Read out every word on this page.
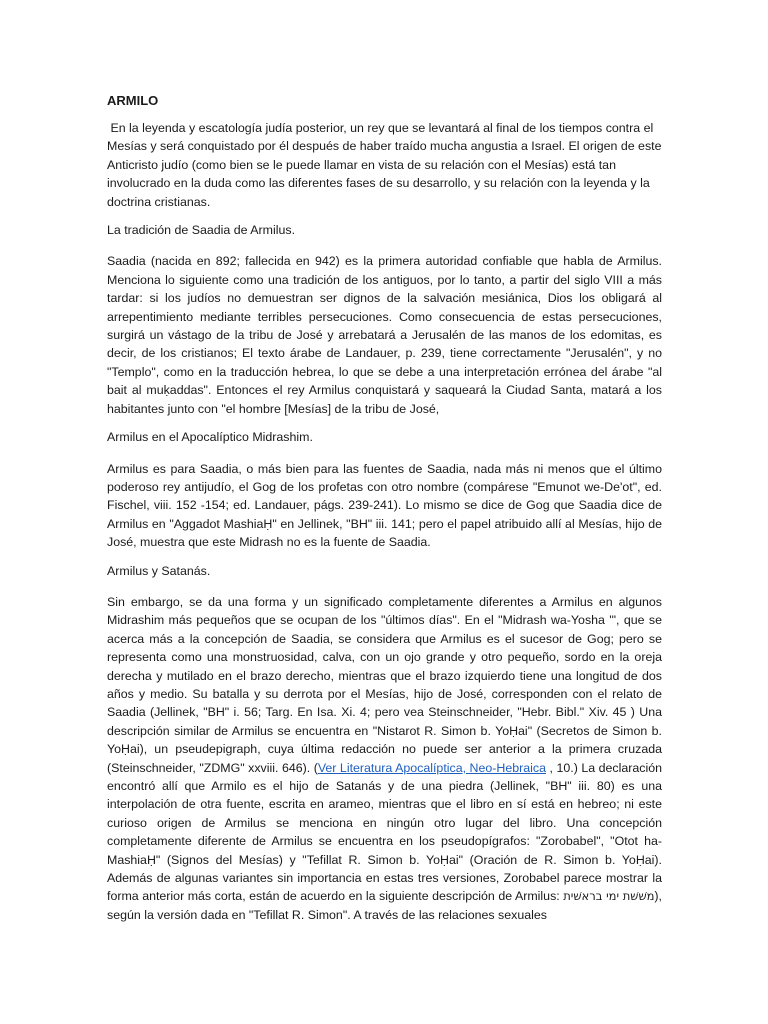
ARMILO

En la leyenda y escatología judía posterior, un rey que se levantará al final de los tiempos contra el Mesías y será conquistado por él después de haber traído mucha angustia a Israel. El origen de este Anticristo judío (como bien se le puede llamar en vista de su relación con el Mesías) está tan involucrado en la duda como las diferentes fases de su desarrollo, y su relación con la leyenda y la doctrina cristianas.

La tradición de Saadia de Armilus.

Saadia (nacida en 892; fallecida en 942) es la primera autoridad confiable que habla de Armilus. Menciona lo siguiente como una tradición de los antiguos, por lo tanto, a partir del siglo VIII a más tardar: si los judíos no demuestran ser dignos de la salvación mesiánica, Dios los obligará al arrepentimiento mediante terribles persecuciones. Como consecuencia de estas persecuciones, surgirá un vástago de la tribu de José y arrebatará a Jerusalén de las manos de los edomitas, es decir, de los cristianos; El texto árabe de Landauer, p. 239, tiene correctamente "Jerusalén", y no "Templo", como en la traducción hebrea, lo que se debe a una interpretación errónea del árabe "al bait al muḳaddas". Entonces el rey Armilus conquistará y saqueará la Ciudad Santa, matará a los habitantes junto con "el hombre [Mesías] de la tribu de José,

Armilus en el Apocalíptico Midrashim.

Armilus es para Saadia, o más bien para las fuentes de Saadia, nada más ni menos que el último poderoso rey antijudío, el Gog de los profetas con otro nombre (compárese "Emunot we-De'ot", ed. Fischel, viii. 152 -154; ed. Landauer, págs. 239-241). Lo mismo se dice de Gog que Saadia dice de Armilus en "Aggadot MashiaḤ" en Jellinek, "BH" iii. 141; pero el papel atribuido allí al Mesías, hijo de José, muestra que este Midrash no es la fuente de Saadia.

Armilus y Satanás.

Sin embargo, se da una forma y un significado completamente diferentes a Armilus en algunos Midrashim más pequeños que se ocupan de los "últimos días". En el "Midrash wa-Yosha '", que se acerca más a la concepción de Saadia, se considera que Armilus es el sucesor de Gog; pero se representa como una monstruosidad, calva, con un ojo grande y otro pequeño, sordo en la oreja derecha y mutilado en el brazo derecho, mientras que el brazo izquierdo tiene una longitud de dos años y medio. Su batalla y su derrota por el Mesías, hijo de José, corresponden con el relato de Saadia (Jellinek, "BH" i. 56; Targ. En Isa. Xi. 4; pero vea Steinschneider, "Hebr. Bibl." Xiv. 45 ) Una descripción similar de Armilus se encuentra en "Nistarot R. Simon b. YoḤai" (Secretos de Simon b. YoḤai), un pseudepigraph, cuya última redacción no puede ser anterior a la primera cruzada (Steinschneider, "ZDMG" xxviii. 646). (Ver Literatura Apocalíptica, Neo-Hebraica , 10.) La declaración encontró allí que Armilo es el hijo de Satanás y de una piedra (Jellinek, "BH" iii. 80) es una interpolación de otra fuente, escrita en arameo, mientras que el libro en sí está en hebreo; ni este curioso origen de Armilus se menciona en ningún otro lugar del libro. Una concepción completamente diferente de Armilus se encuentra en los pseudopígrafos: "Zorobabel", "Otot ha-MashiaḤ" (Signos del Mesías) y "Tefillat R. Simon b. YoḤai" (Oración de R. Simon b. YoḤai). Además de algunas variantes sin importancia en estas tres versiones, Zorobabel parece mostrar la forma anterior más corta, están de acuerdo en la siguiente descripción de Armilus: משׁשׁת ימי בראשׁית), según la versión dada en "Tefillat R. Simon". A través de las relaciones sexuales
